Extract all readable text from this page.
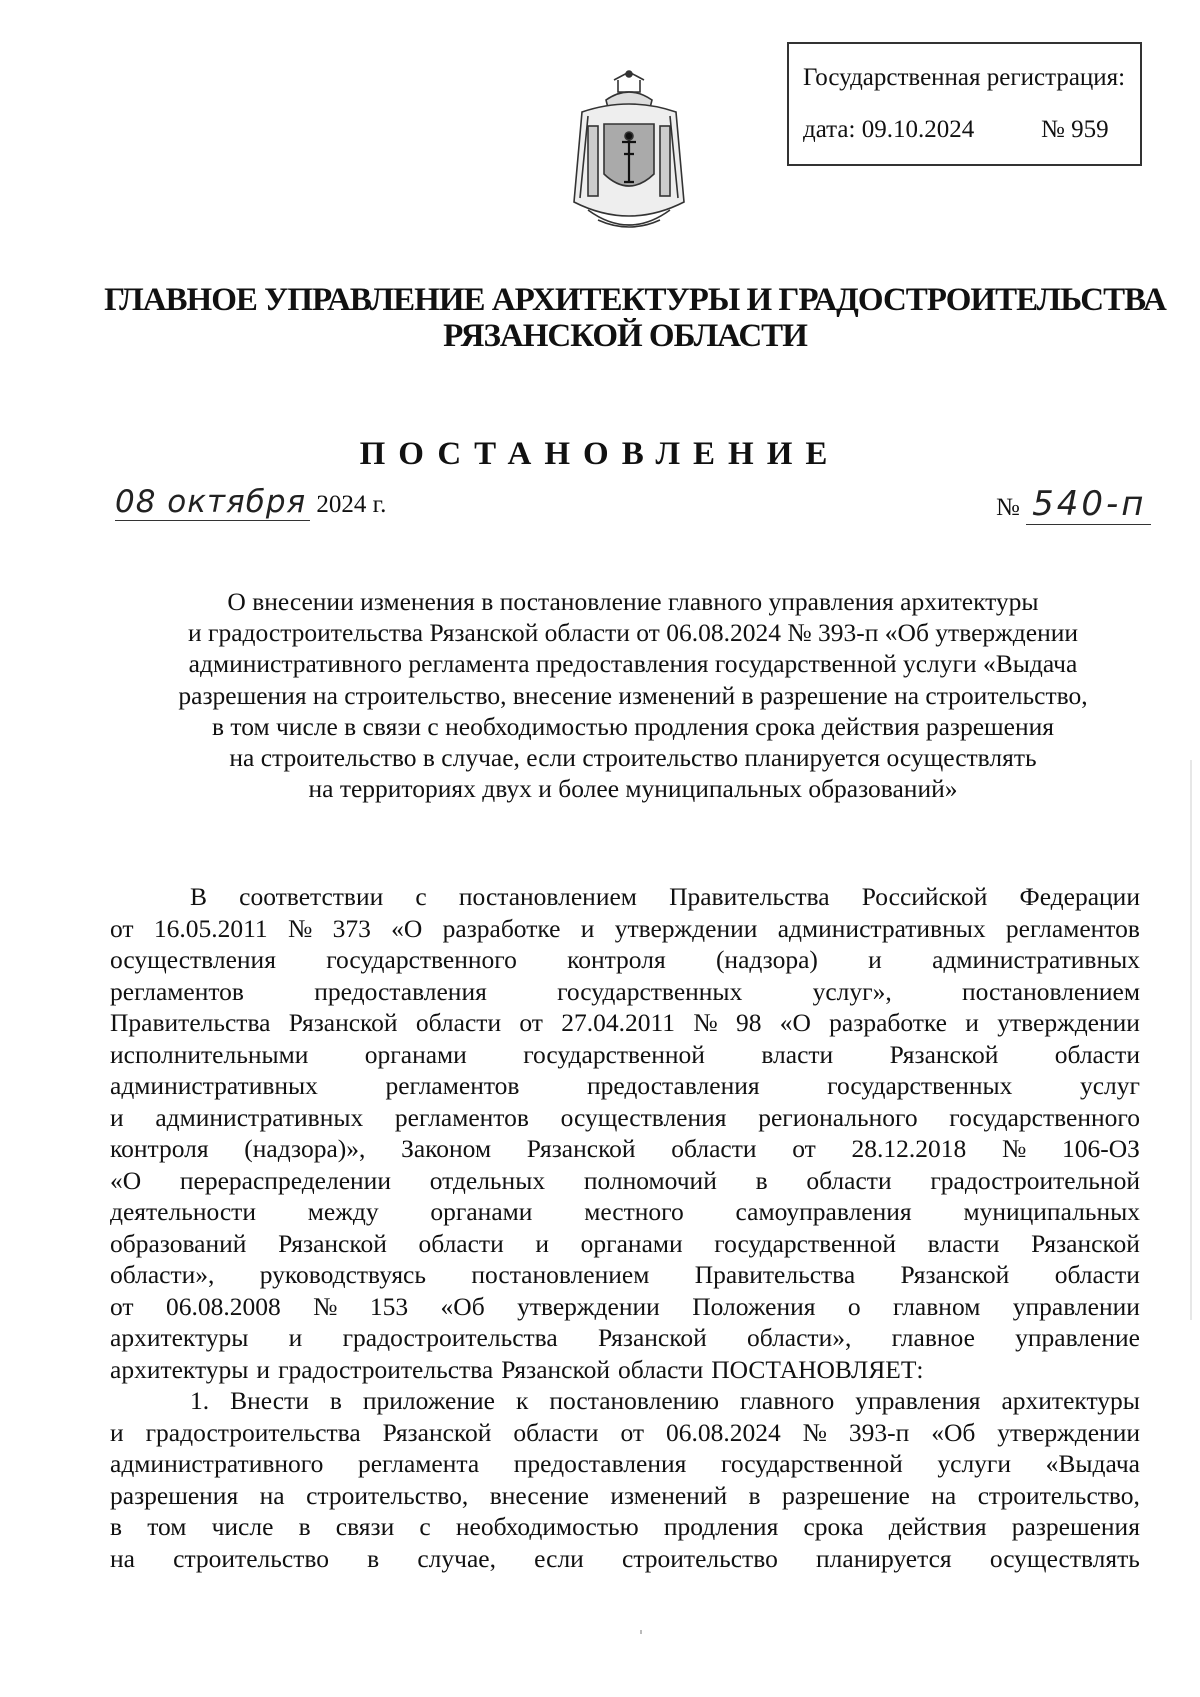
Государственная регистрация:
дата: 09.10.2024	№ 959
ГЛАВНОЕ УПРАВЛЕНИЕ АРХИТЕКТУРЫ И ГРАДОСТРОИТЕЛЬСТВА
РЯЗАНСКОЙ ОБЛАСТИ
ПОСТАНОВЛЕНИЕ
08 октября 2024 г.	№ 540-п
О внесении изменения в постановление главного управления архитектуры
и градостроительства Рязанской области от 06.08.2024 № 393-п «Об утверждении
административного регламента предоставления государственной услуги «Выдача
разрешения на строительство, внесение изменений в разрешение на строительство,
в том числе в связи с необходимостью продления срока действия разрешения
на строительство в случае, если строительство планируется осуществлять
на территориях двух и более муниципальных образований»
В соответствии с постановлением Правительства Российской Федерации
от 16.05.2011 № 373 «О разработке и утверждении административных регламентов
осуществления государственного контроля (надзора) и административных
регламентов	предоставления	государственных	услуг»,	постановлением
Правительства Рязанской области от 27.04.2011 № 98 «О разработке и утверждении
исполнительными органами государственной власти Рязанской области
административных	регламентов	предоставления	государственных	услуг
и административных регламентов осуществления регионального государственного
контроля (надзора)», Законом Рязанской области от 28.12.2018 № 106-ОЗ
«О перераспределении отдельных полномочий в области градостроительной
деятельности между органами местного самоуправления муниципальных
образований Рязанской области и органами государственной власти Рязанской
области», руководствуясь постановлением Правительства Рязанской области
от 06.08.2008 № 153 «Об утверждении Положения о главном управлении
архитектуры и градостроительства Рязанской области», главное управление
архитектуры и градостроительства Рязанской области ПОСТАНОВЛЯЕТ:
1. Внести в приложение к постановлению главного управления архитектуры
и градостроительства Рязанской области от 06.08.2024 № 393-п «Об утверждении
административного регламента предоставления государственной услуги «Выдача
разрешения на строительство, внесение изменений в разрешение на строительство,
в том числе в связи с необходимостью продления срока действия разрешения
на строительство в случае, если строительство планируется осуществлять
